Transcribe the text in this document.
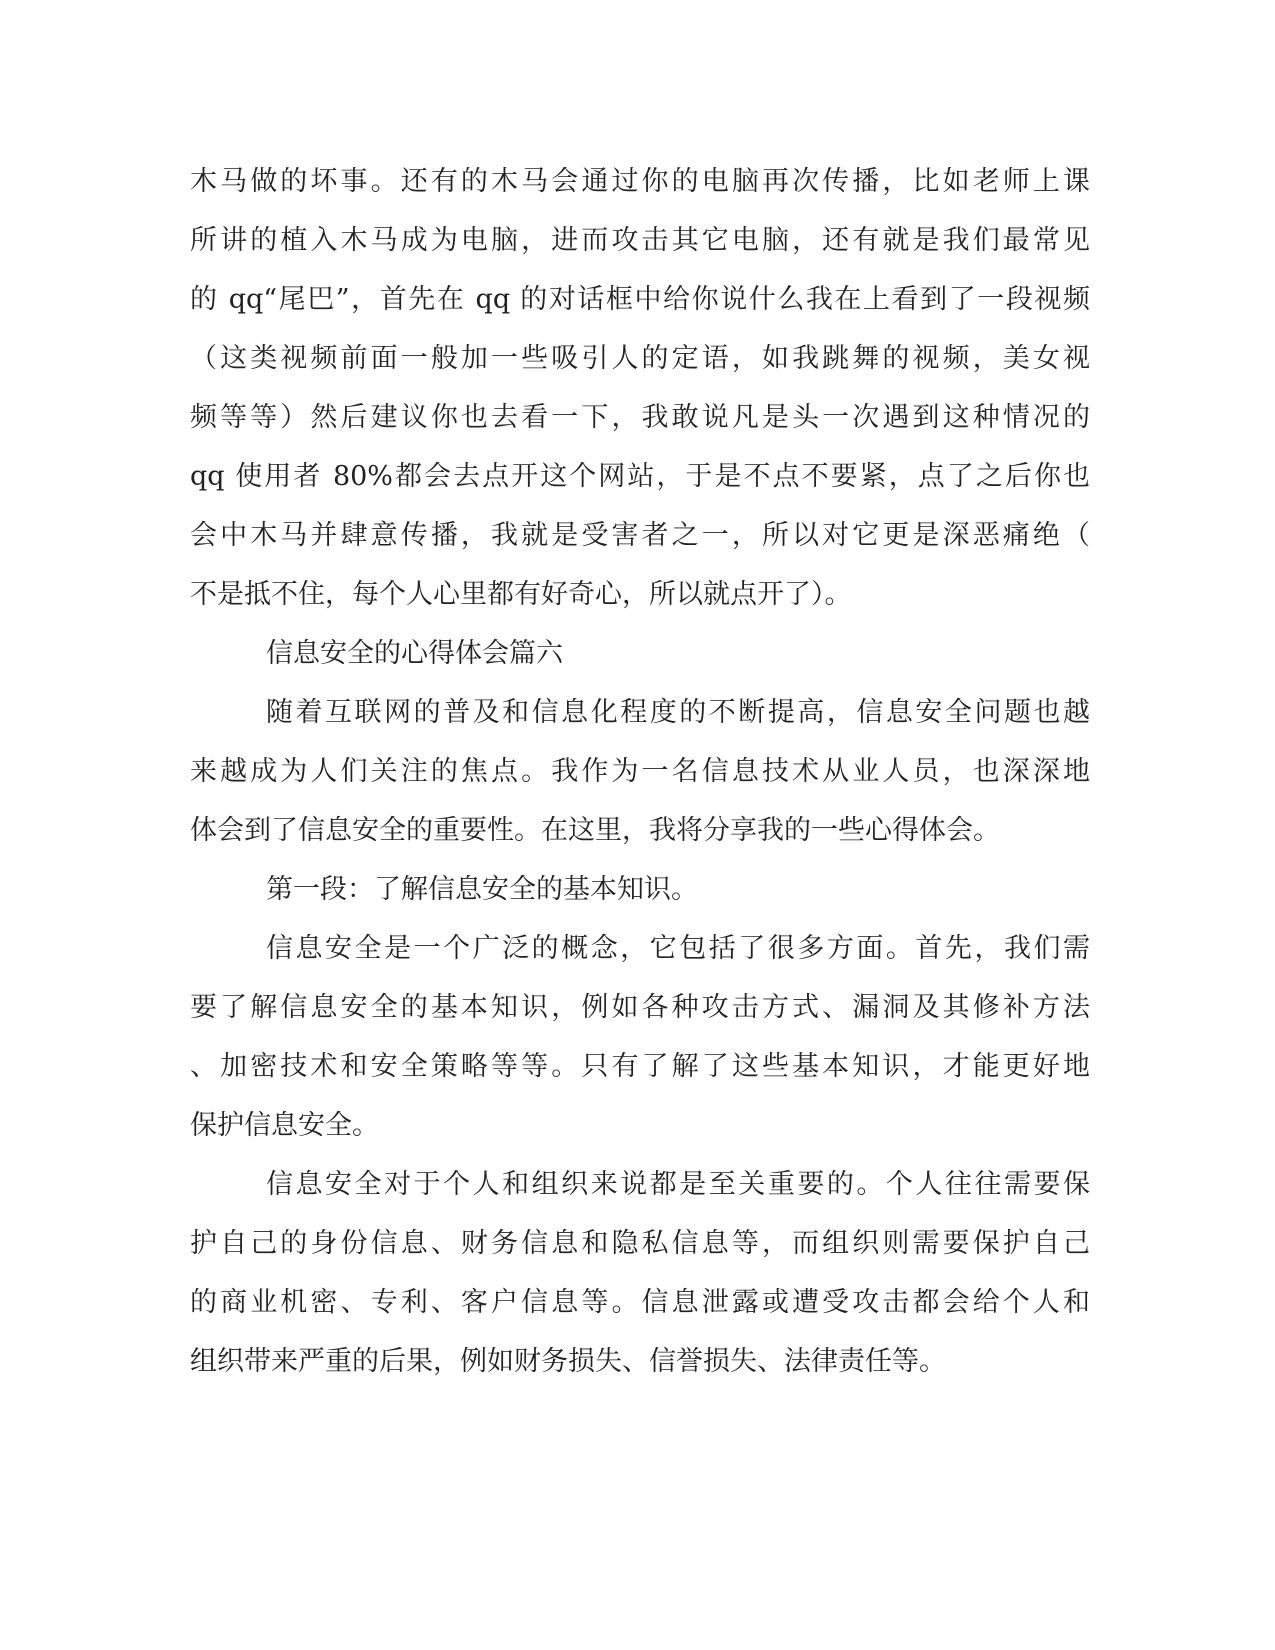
木马做的坏事。还有的木马会通过你的电脑再次传播，比如老师上课
所讲的植入木马成为电脑，进而攻击其它电脑，还有就是我们最常见
的 qq“尾巴”，首先在 qq 的对话框中给你说什么我在上看到了一段视频
（这类视频前面一般加一些吸引人的定语，如我跳舞的视频，美女视
频等等）然后建议你也去看一下，我敢说凡是头一次遇到这种情况的
qq 使用者 80%都会去点开这个网站，于是不点不要紧，点了之后你也
会中木马并肆意传播，我就是受害者之一，所以对它更是深恶痛绝（
不是抵不住，每个人心里都有好奇心，所以就点开了）。
信息安全的心得体会篇六
随着互联网的普及和信息化程度的不断提高，信息安全问题也越
来越成为人们关注的焦点。我作为一名信息技术从业人员，也深深地
体会到了信息安全的重要性。在这里，我将分享我的一些心得体会。
第一段：了解信息安全的基本知识。
信息安全是一个广泛的概念，它包括了很多方面。首先，我们需
要了解信息安全的基本知识，例如各种攻击方式、漏洞及其修补方法
、加密技术和安全策略等等。只有了解了这些基本知识，才能更好地
保护信息安全。
信息安全对于个人和组织来说都是至关重要的。个人往往需要保
护自己的身份信息、财务信息和隐私信息等，而组织则需要保护自己
的商业机密、专利、客户信息等。信息泄露或遭受攻击都会给个人和
组织带来严重的后果，例如财务损失、信誉损失、法律责任等。
